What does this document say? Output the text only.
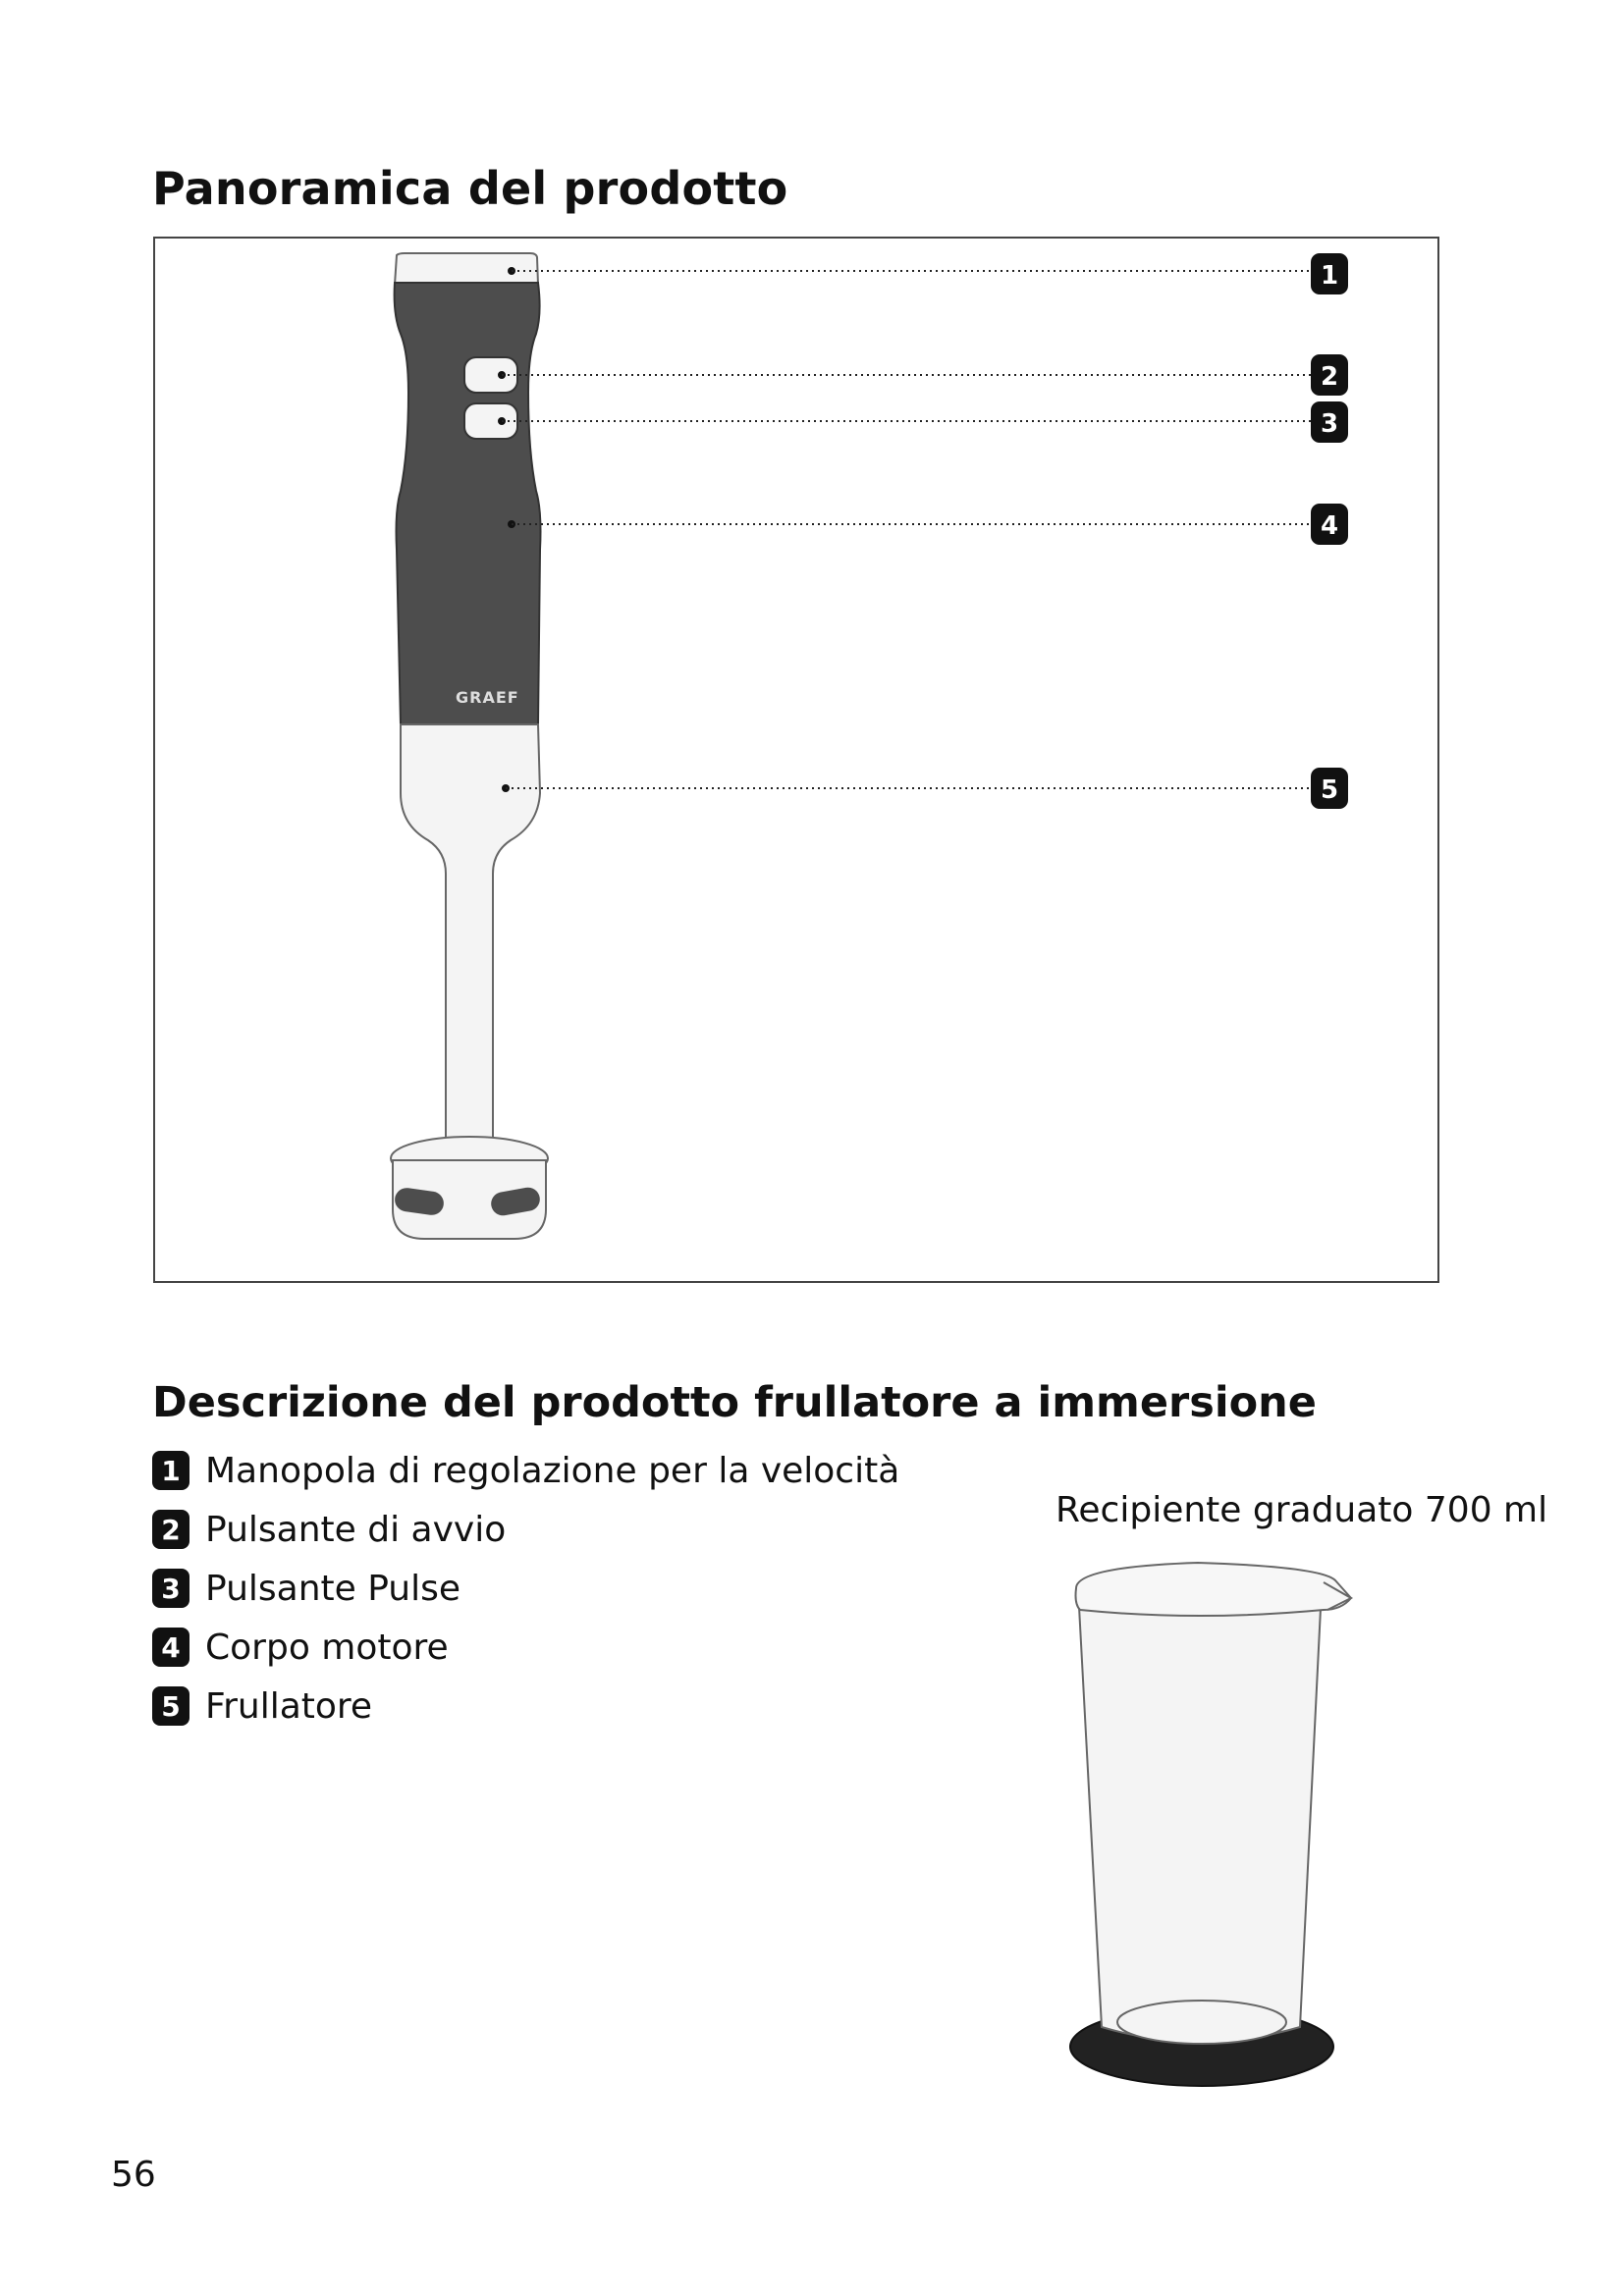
Panoramica del prodotto
GRAEF
1
2
3
4
5
Descrizione del prodotto frullatore a immersione
1 Manopola di regolazione per la velocità
2 Pulsante di avvio
3 Pulsante Pulse
4 Corpo motore
5 Frullatore
Recipiente graduato 700 ml
56
